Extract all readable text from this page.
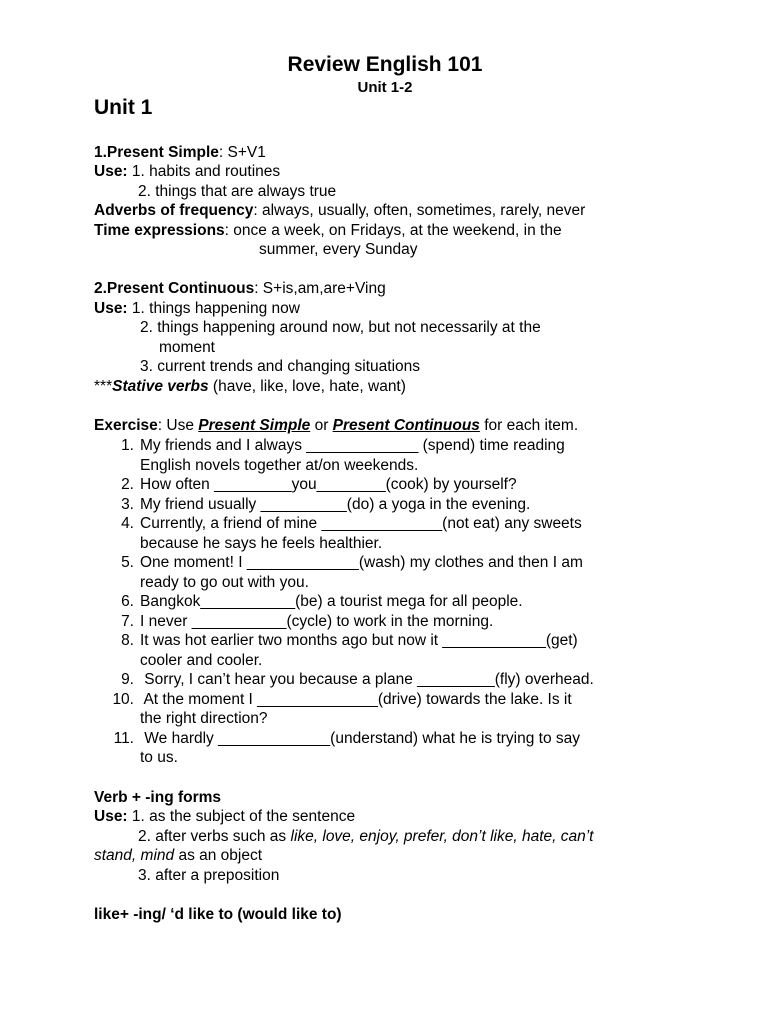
Review English 101
Unit 1-2
Unit 1
1.Present Simple: S+V1
Use: 1. habits and routines
2. things that are always true
Adverbs of frequency: always, usually, often, sometimes, rarely, never
Time expressions: once a week, on Fridays, at the weekend, in the
summer, every Sunday
2.Present Continuous: S+is,am,are+Ving
Use: 1. things happening now
2. things happening around now, but not necessarily at the
moment
3. current trends and changing situations
***Stative verbs (have, like, love, hate, want)
Exercise: Use Present Simple or Present Continuous for each item.
1. My friends and I always _____________ (spend) time reading
English novels together at/on weekends.
2. How often _________you________(cook) by yourself?
3. My friend usually __________(do) a yoga in the evening.
4. Currently, a friend of mine ______________(not eat) any sweets
because he says he feels healthier.
5. One moment! I _____________(wash) my clothes and then I am
ready to go out with you.
6. Bangkok___________(be) a tourist mega for all people.
7. I never ___________(cycle) to work in the morning.
8. It was hot earlier two months ago but now it ____________(get)
cooler and cooler.
9. Sorry, I can’t hear you because a plane _________(fly) overhead.
10. At the moment I ______________(drive) towards the lake. Is it
the right direction?
11. We hardly _____________(understand) what he is trying to say
to us.
Verb + -ing forms
Use: 1. as the subject of the sentence
2. after verbs such as like, love, enjoy, prefer, don’t like, hate, can’t
stand, mind as an object
3. after a preposition
like+ -ing/ ‘d like to (would like to)
